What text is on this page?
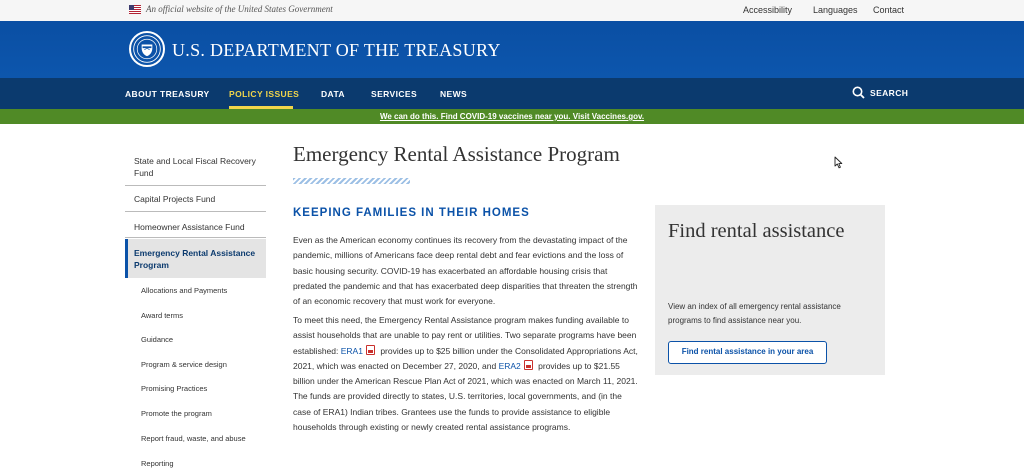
An official website of the United States Government	Accessibility Languages Contact
U.S. DEPARTMENT OF THE TREASURY
ABOUT TREASURY POLICY ISSUES	DATA	SERVICES	NEWS	SEARCH
We can do this. Find COVID-19 vaccines near you. Visit Vaccines.gov.
State and Local Fiscal Recovery Fund
Capital Projects Fund
Homeowner Assistance Fund
Emergency Rental Assistance Program
Allocations and Payments
Award terms
Guidance
Program & service design
Promising Practices
Promote the program
Report fraud, waste, and abuse
Reporting
Emergency Rental Assistance Program
KEEPING FAMILIES IN THEIR HOMES

Even as the American economy continues its recovery from the devastating impact of the pandemic, millions of Americans face deep rental debt and fear evictions and the loss of basic housing security. COVID-19 has exacerbated an affordable housing crisis that predated the pandemic and that has exacerbated deep disparities that threaten the strength of an economic recovery that must work for everyone.

To meet this need, the Emergency Rental Assistance program makes funding available to assist households that are unable to pay rent or utilities. Two separate programs have been established: ERA1 provides up to $25 billion under the Consolidated Appropriations Act, 2021, which was enacted on December 27, 2020, and ERA2 provides up to $21.55 billion under the American Rescue Plan Act of 2021, which was enacted on March 11, 2021. The funds are provided directly to states, U.S. territories, local governments, and (in the case of ERA1) Indian tribes. Grantees use the funds to provide assistance to eligible households through existing or newly created rental assistance programs.

Find rental assistance

View an index of all emergency rental assistance programs to find assistance near you.

Find rental assistance in your area
